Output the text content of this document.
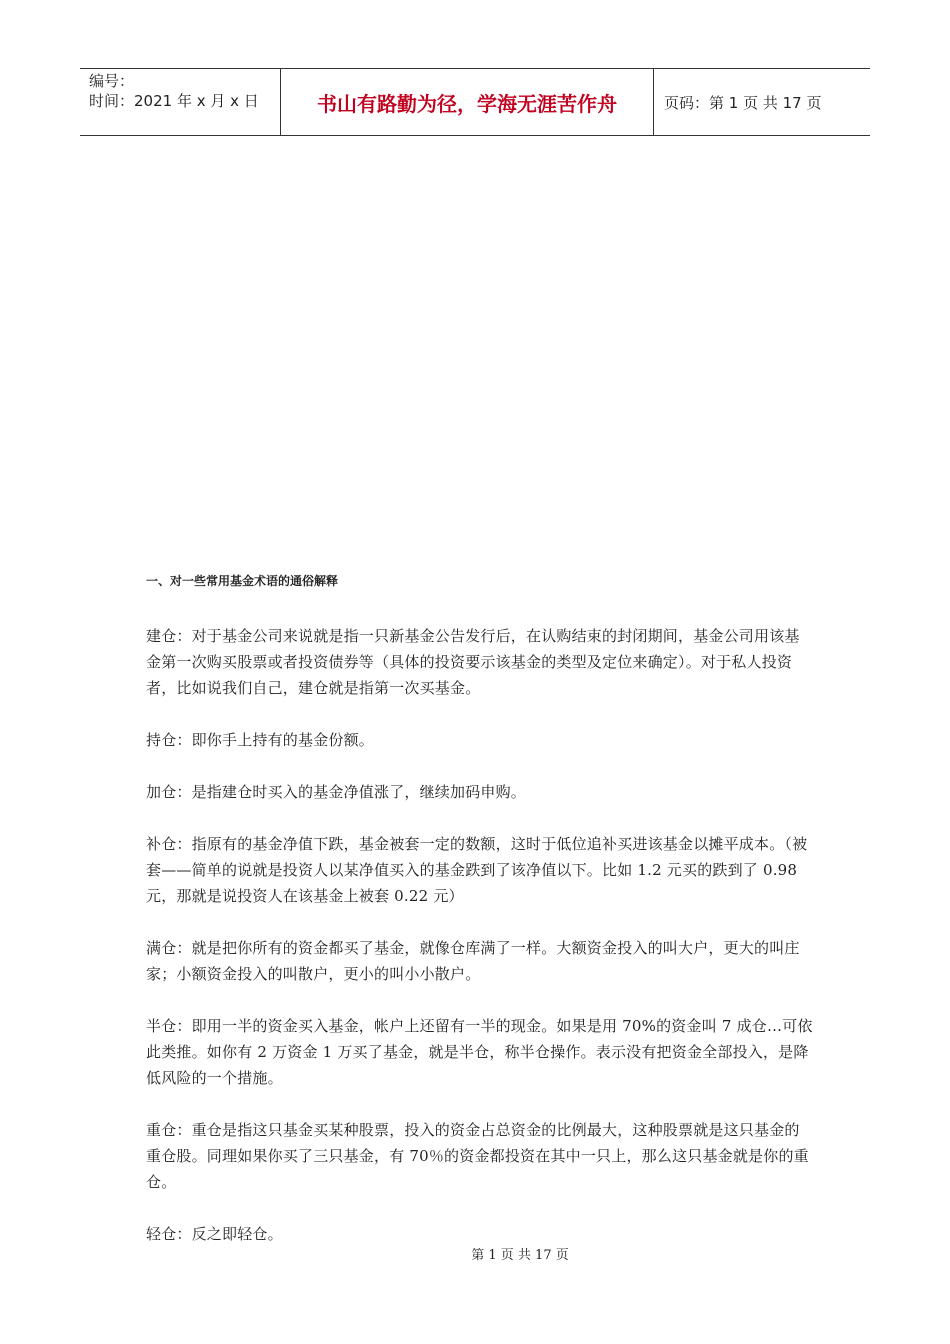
编号：
时间：2021 年 x 月 x 日	书山有路勤为径，学海无涯苦作舟	页码：第 1 页 共 17 页
一、对一些常用基金术语的通俗解释

建仓：对于基金公司来说就是指一只新基金公告发行后，在认购结束的封闭期间，基金公司用该基金第一次购买股票或者投资债券等（具体的投资要示该基金的类型及定位来确定）。对于私人投资者，比如说我们自己，建仓就是指第一次买基金。

持仓：即你手上持有的基金份额。

加仓：是指建仓时买入的基金净值涨了，继续加码申购。

补仓：指原有的基金净值下跌，基金被套一定的数额，这时于低位追补买进该基金以摊平成本。（被套——简单的说就是投资人以某净值买入的基金跌到了该净值以下。比如 1.2 元买的跌到了 0.98 元，那就是说投资人在该基金上被套 0.22 元）

满仓：就是把你所有的资金都买了基金，就像仓库满了一样。大额资金投入的叫大户，更大的叫庄家；小额资金投入的叫散户，更小的叫小小散户。

半仓：即用一半的资金买入基金，帐户上还留有一半的现金。如果是用 70%的资金叫 7 成仓…可依此类推。如你有 2 万资金 1 万买了基金，就是半仓，称半仓操作。表示没有把资金全部投入，是降低风险的一个措施。

重仓：重仓是指这只基金买某种股票，投入的资金占总资金的比例最大，这种股票就是这只基金的重仓股。同理如果你买了三只基金，有 70％的资金都投资在其中一只上，那么这只基金就是你的重仓。

轻仓：反之即轻仓。

第 1 页 共 17 页
